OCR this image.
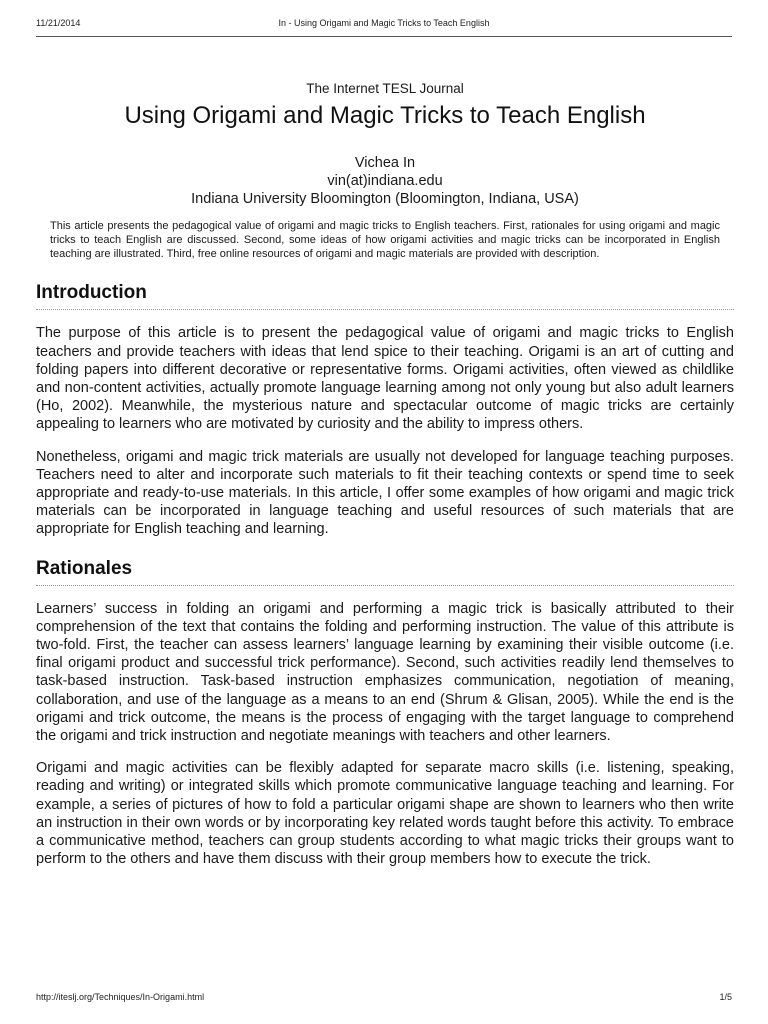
11/21/2014	In - Using Origami and Magic Tricks to Teach English

The Internet TESL Journal

Using Origami and Magic Tricks to Teach English
Vichea In
vin(at)indiana.edu
Indiana University Bloomington (Bloomington, Indiana, USA)

This article presents the pedagogical value of origami and magic tricks to English teachers. First, rationales for using origami and magic tricks to teach English are discussed. Second, some ideas of how origami activities and magic tricks can be incorporated in English teaching are illustrated. Third, free online resources of origami and magic materials are provided with description.

Introduction

The purpose of this article is to present the pedagogical value of origami and magic tricks to English teachers and provide teachers with ideas that lend spice to their teaching. Origami is an art of cutting and folding papers into different decorative or representative forms. Origami activities, often viewed as childlike and non-content activities, actually promote language learning among not only young but also adult learners (Ho, 2002). Meanwhile, the mysterious nature and spectacular outcome of magic tricks are certainly appealing to learners who are motivated by curiosity and the ability to impress others.

Nonetheless, origami and magic trick materials are usually not developed for language teaching purposes. Teachers need to alter and incorporate such materials to fit their teaching contexts or spend time to seek appropriate and ready-to-use materials. In this article, I offer some examples of how origami and magic trick materials can be incorporated in language teaching and useful resources of such materials that are appropriate for English teaching and learning.

Rationales

Learners’ success in folding an origami and performing a magic trick is basically attributed to their comprehension of the text that contains the folding and performing instruction. The value of this attribute is two-fold. First, the teacher can assess learners’ language learning by examining their visible outcome (i.e. final origami product and successful trick performance). Second, such activities readily lend themselves to task-based instruction. Task-based instruction emphasizes communication, negotiation of meaning, collaboration, and use of the language as a means to an end (Shrum & Glisan, 2005). While the end is the origami and trick outcome, the means is the process of engaging with the target language to comprehend the origami and trick instruction and negotiate meanings with teachers and other learners.

Origami and magic activities can be flexibly adapted for separate macro skills (i.e. listening, speaking, reading and writing) or integrated skills which promote communicative language teaching and learning. For example, a series of pictures of how to fold a particular origami shape are shown to learners who then write an instruction in their own words or by incorporating key related words taught before this activity. To embrace a communicative method, teachers can group students according to what magic tricks their groups want to perform to the others and have them discuss with their group members how to execute the trick.

http://iteslj.org/Techniques/In-Origami.html	1/5
